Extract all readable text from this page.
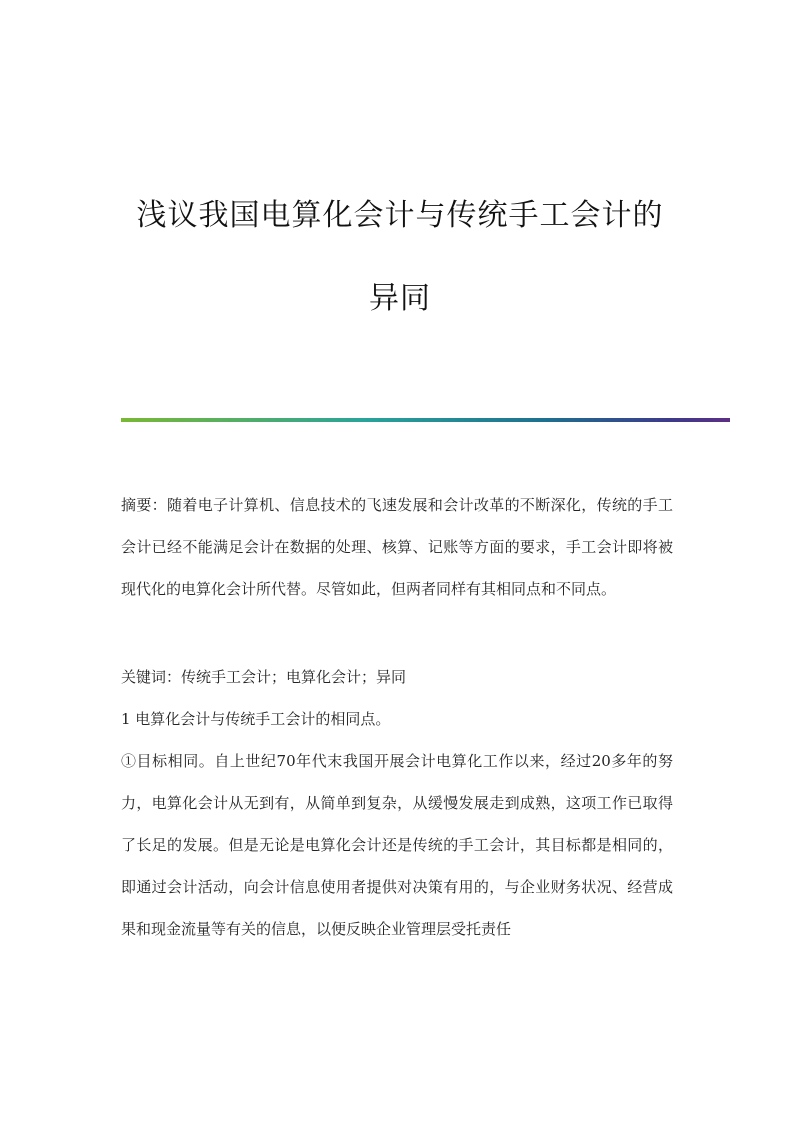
浅议我国电算化会计与传统手工会计的
异同
摘要：随着电子计算机、信息技术的飞速发展和会计改革的不断深化，传统的手工会计已经不能满足会计在数据的处理、核算、记账等方面的要求，手工会计即将被现代化的电算化会计所代替。尽管如此，但两者同样有其相同点和不同点。
关键词：传统手工会计；电算化会计；异同
1 电算化会计与传统手工会计的相同点。
①目标相同。自上世纪70年代末我国开展会计电算化工作以来，经过20多年的努力，电算化会计从无到有，从简单到复杂，从缓慢发展走到成熟，这项工作已取得了长足的发展。但是无论是电算化会计还是传统的手工会计，其目标都是相同的，即通过会计活动，向会计信息使用者提供对决策有用的，与企业财务状况、经营成果和现金流量等有关的信息，以便反映企业管理层受托责任
